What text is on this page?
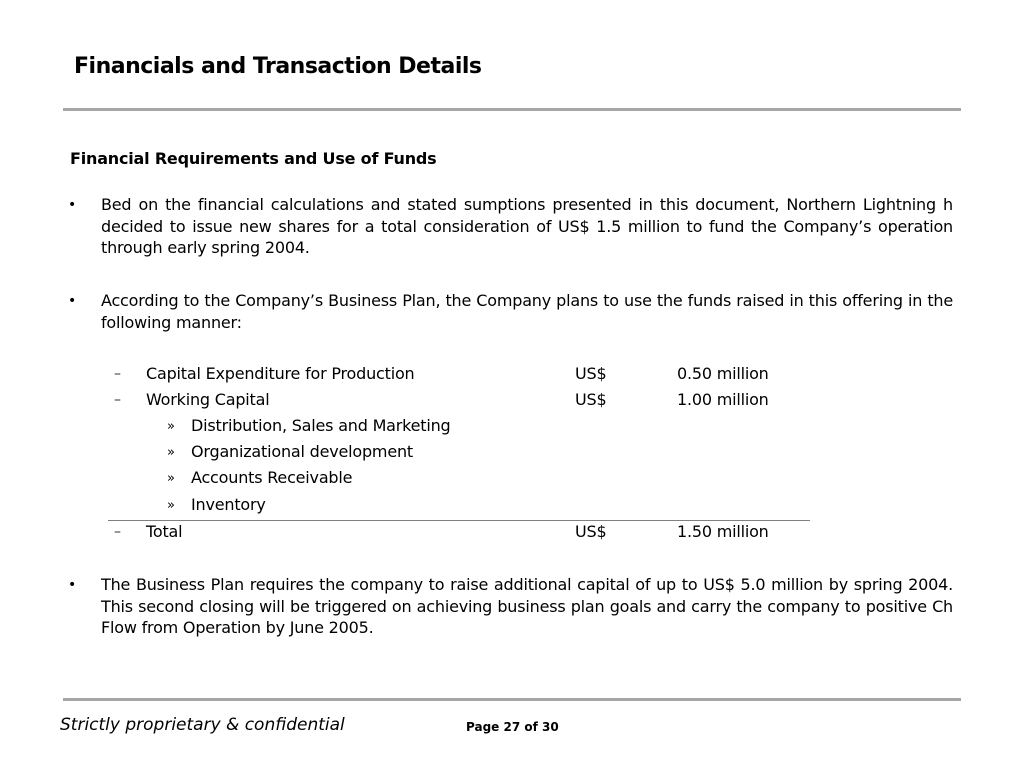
Financials and Transaction Details
Financial Requirements and Use of Funds
• Bed on the financial calculations and stated sumptions presented in this document, Northern Lightning h decided to issue new shares for a total consideration of US$ 1.5 million to fund the Company’s operation through early spring 2004.
• According to the Company’s Business Plan, the Company plans to use the funds raised in this offering in the following manner:
– Capital Expenditure for Production	US$	0.50 million
– Working Capital	US$	1.00 million
» Distribution, Sales and Marketing
» Organizational development
» Accounts Receivable
» Inventory
– Total	US$	1.50 million
• The Business Plan requires the company to raise additional capital of up to US$ 5.0 million by spring 2004. This second closing will be triggered on achieving business plan goals and carry the company to positive Ch Flow from Operation by June 2005.
Strictly proprietary & confidential	Page 27 of 30
